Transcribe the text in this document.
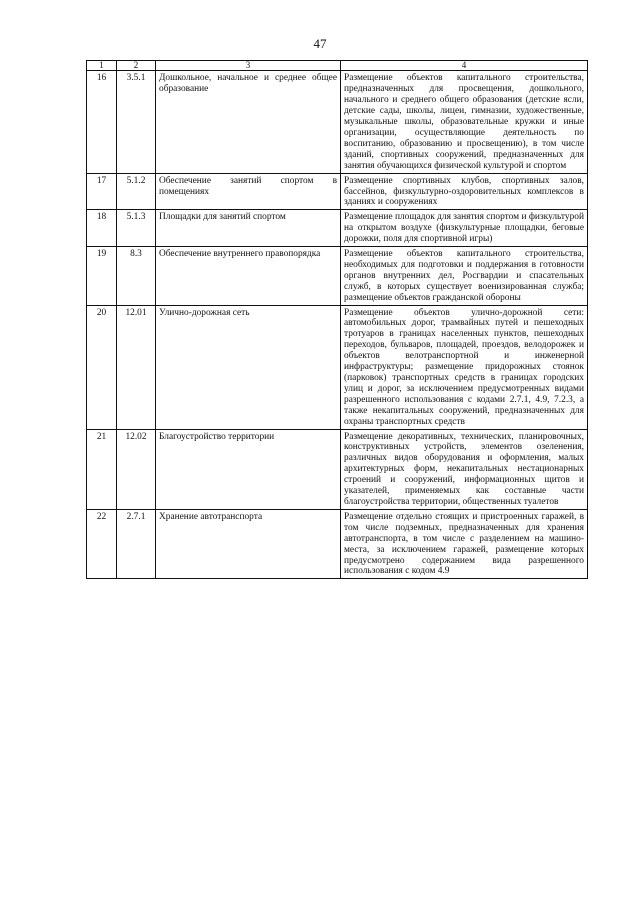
47
1	2	3	4
16	3.5.1	Дошкольное, начальное и среднее общее образование	Размещение объектов капитального строительства, предназначенных для просвещения, дошкольного, начального и среднего общего образования (детские ясли, детские сады, школы, лицеи, гимназии, художественные, музыкальные школы, образовательные кружки и иные организации, осуществляющие деятельность по воспитанию, образованию и просвещению), в том числе зданий, спортивных сооружений, предназначенных для занятия обучающихся физической культурой и спортом
17	5.1.2	Обеспечение занятий спортом в помещениях	Размещение спортивных клубов, спортивных залов, бассейнов, физкультурно-оздоровительных комплексов в зданиях и сооружениях
18	5.1.3	Площадки для занятий спортом	Размещение площадок для занятия спортом и физкультурой на открытом воздухе (физкультурные площадки, беговые дорожки, поля для спортивной игры)
19	8.3	Обеспечение внутреннего правопорядка	Размещение объектов капитального строительства, необходимых для подготовки и поддержания в готовности органов внутренних дел, Росгвардии и спасательных служб, в которых существует военизированная служба; размещение объектов гражданской обороны
20	12.01	Улично-дорожная сеть	Размещение объектов улично-дорожной сети: автомобильных дорог, трамвайных путей и пешеходных тротуаров в границах населенных пунктов, пешеходных переходов, бульваров, площадей, проездов, велодорожек и объектов велотранспортной и инженерной инфраструктуры; размещение придорожных стоянок (парковок) транспортных средств в границах городских улиц и дорог, за исключением предусмотренных видами разрешенного использования с кодами 2.7.1, 4.9, 7.2.3, а также некапитальных сооружений, предназначенных для охраны транспортных средств
21	12.02	Благоустройство территории	Размещение декоративных, технических, планировочных, конструктивных устройств, элементов озеленения, различных видов оборудования и оформления, малых архитектурных форм, некапитальных нестационарных строений и сооружений, информационных щитов и указателей, применяемых как составные части благоустройства территории, общественных туалетов
22	2.7.1	Хранение автотранспорта	Размещение отдельно стоящих и пристроенных гаражей, в том числе подземных, предназначенных для хранения автотранспорта, в том числе с разделением на машино-места, за исключением гаражей, размещение которых предусмотрено содержанием вида разрешенного использования с кодом 4.9
